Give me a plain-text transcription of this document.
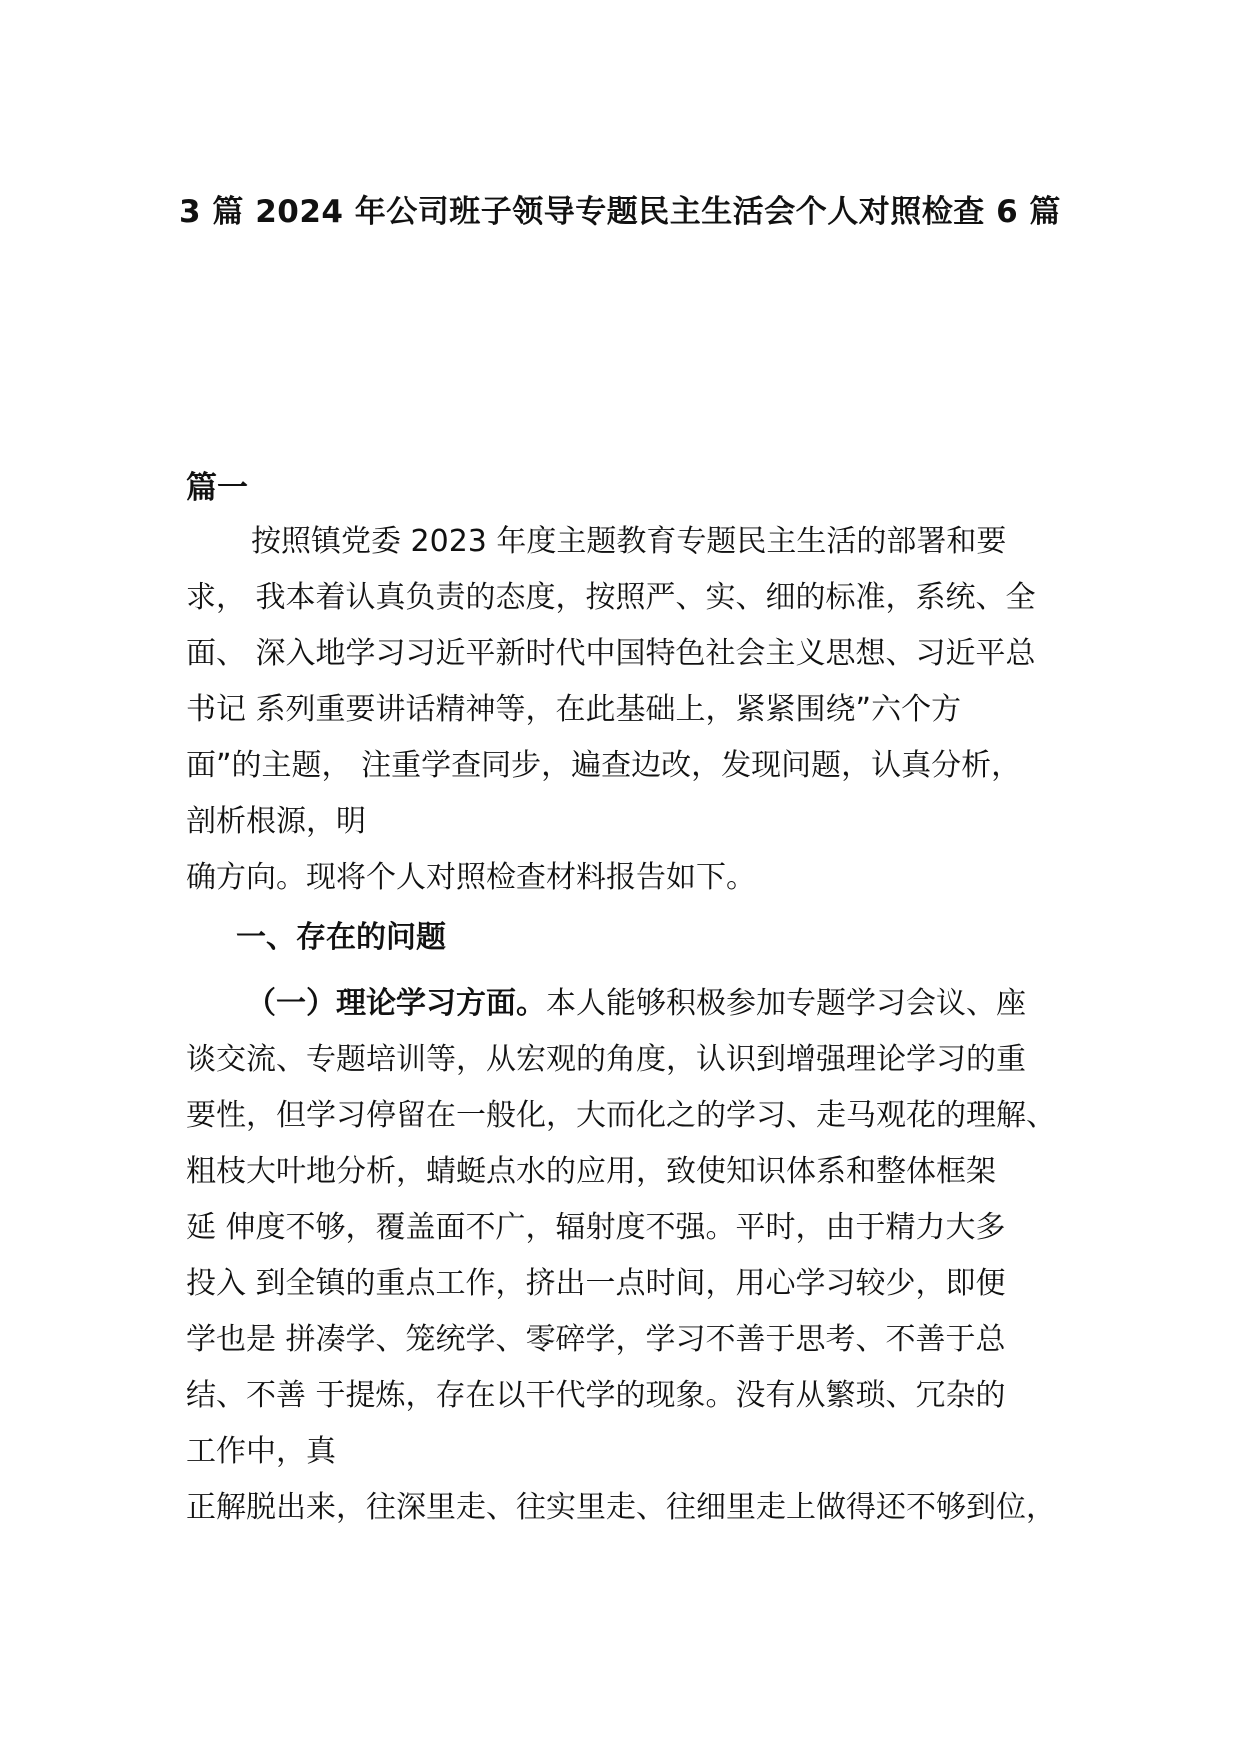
3 篇 2024 年公司班子领导专题民主生活会个人对照检查 6 篇
篇一
按照镇党委 2023 年度主题教育专题民主生活的部署和要
求， 我本着认真负责的态度，按照严、实、细的标准，系统、全
面、 深入地学习习近平新时代中国特色社会主义思想、习近平总
书记 系列重要讲话精神等，在此基础上，紧紧围绕”六个方
面”的主题， 注重学查同步，遍查边改，发现问题，认真分析，
剖析根源，明
确方向。现将个人对照检查材料报告如下。
一、存在的问题
（一）理论学习方面。本人能够积极参加专题学习会议、座
谈交流、专题培训等，从宏观的角度，认识到增强理论学习的重
要性，但学习停留在一般化，大而化之的学习、走马观花的理解、
粗枝大叶地分析，蜻蜓点水的应用，致使知识体系和整体框架
延 伸度不够，覆盖面不广，辐射度不强。平时，由于精力大多
投入 到全镇的重点工作，挤出一点时间，用心学习较少，即便
学也是 拼凑学、笼统学、零碎学，学习不善于思考、不善于总
结、不善 于提炼，存在以干代学的现象。没有从繁琐、冗杂的
工作中，真
正解脱出来，往深里走、往实里走、往细里走上做得还不够到位，
